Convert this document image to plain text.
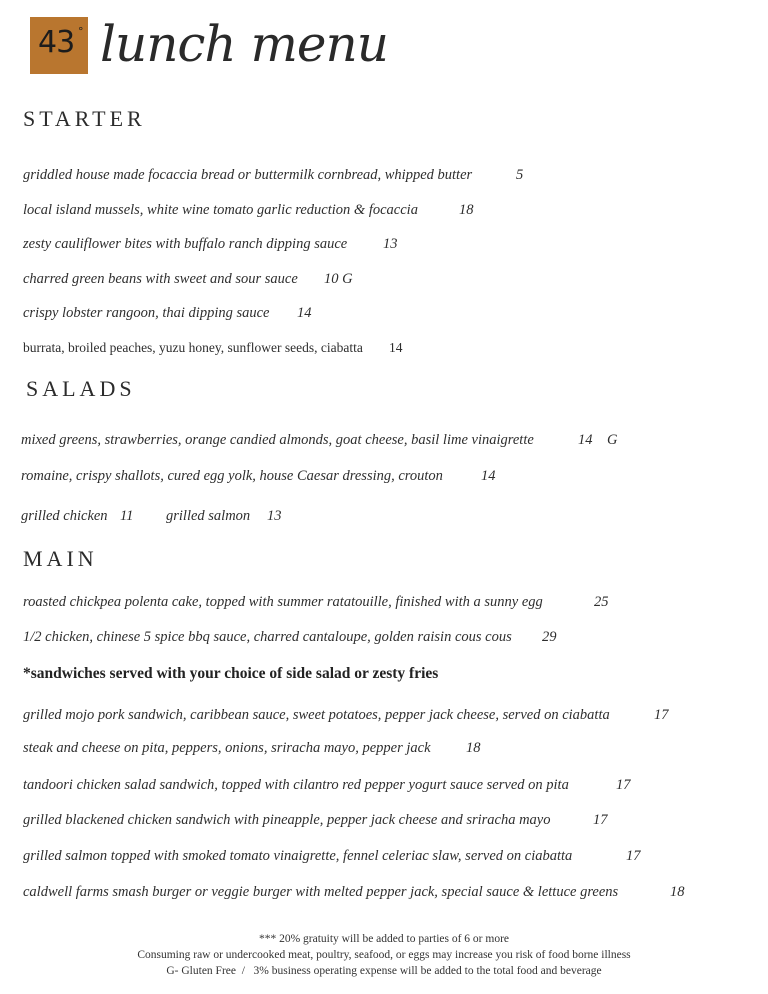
43 ° lunch menu
STARTER
griddled house made focaccia bread or buttermilk cornbread, whipped butter	5
local island mussels, white wine tomato garlic reduction & focaccia	18
zesty cauliflower bites with buffalo ranch dipping sauce 13
charred green beans with sweet and sour sauce 10 G
crispy lobster rangoon, thai dipping sauce 14
burrata, broiled peaches, yuzu honey, sunflower seeds, ciabatta 14
SALADS
mixed greens, strawberries, orange candied almonds, goat cheese, basil lime vinaigrette	14    G
romaine, crispy shallots, cured egg yolk, house Caesar dressing, crouton	14
grilled chicken 11 grilled salmon 13
MAIN
roasted chickpea polenta cake, topped with summer ratatouille, finished with a sunny egg	25
1/2 chicken, chinese 5 spice bbq sauce, charred cantaloupe, golden raisin cous cous 29
*sandwiches served with your choice of side salad or zesty fries
grilled mojo pork sandwich, caribbean sauce, sweet potatoes, pepper jack cheese, served on ciabatta	17
steak and cheese on pita, peppers, onions, sriracha mayo, pepper jack 18
tandoori chicken salad sandwich, topped with cilantro red pepper yogurt sauce served on pita	17
grilled blackened chicken sandwich with pineapple, pepper jack cheese and sriracha mayo	17
grilled salmon topped with smoked tomato vinaigrette, fennel celeriac slaw, served on ciabatta	17
caldwell farms smash burger or veggie burger with melted pepper jack, special sauce & lettuce greens	18
*** 20% gratuity will be added to parties of 6 or more
Consuming raw or undercooked meat, poultry, seafood, or eggs may increase you risk of food borne illness
G- Gluten Free  /   3% business operating expense will be added to the total food and beverage
